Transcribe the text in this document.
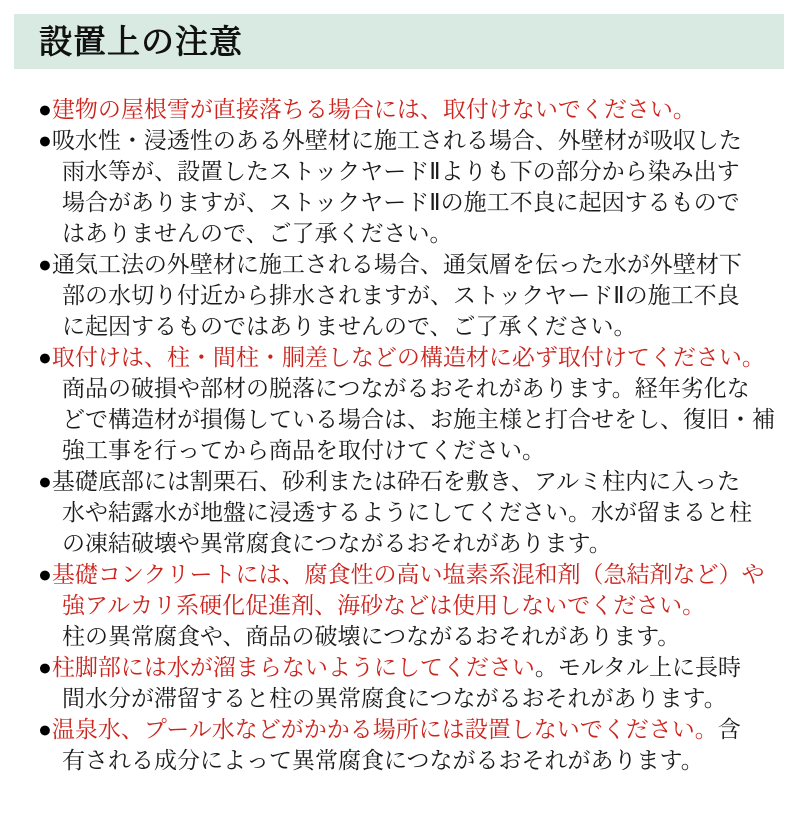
設置上の注意
●建物の屋根雪が直接落ちる場合には、取付けないでください。
●吸水性・浸透性のある外壁材に施工される場合、外壁材が吸収した
雨水等が、設置したストックヤードⅡよりも下の部分から染み出す
場合がありますが、ストックヤードⅡの施工不良に起因するもので
はありませんので、ご了承ください。
●通気工法の外壁材に施工される場合、通気層を伝った水が外壁材下
部の水切り付近から排水されますが、ストックヤードⅡの施工不良
に起因するものではありませんので、ご了承ください。
●取付けは、柱・間柱・胴差しなどの構造材に必ず取付けてください。
商品の破損や部材の脱落につながるおそれがあります。経年劣化な
どで構造材が損傷している場合は、お施主様と打合せをし、復旧・補
強工事を行ってから商品を取付けてください。
●基礎底部には割栗石、砂利または砕石を敷き、アルミ柱内に入った
水や結露水が地盤に浸透するようにしてください。水が留まると柱
の凍結破壊や異常腐食につながるおそれがあります。
●基礎コンクリートには、腐食性の高い塩素系混和剤（急結剤など）や
強アルカリ系硬化促進剤、海砂などは使用しないでください。
柱の異常腐食や、商品の破壊につながるおそれがあります。
●柱脚部には水が溜まらないようにしてください。モルタル上に長時
間水分が滞留すると柱の異常腐食につながるおそれがあります。
●温泉水、プール水などがかかる場所には設置しないでください。含
有される成分によって異常腐食につながるおそれがあります。
